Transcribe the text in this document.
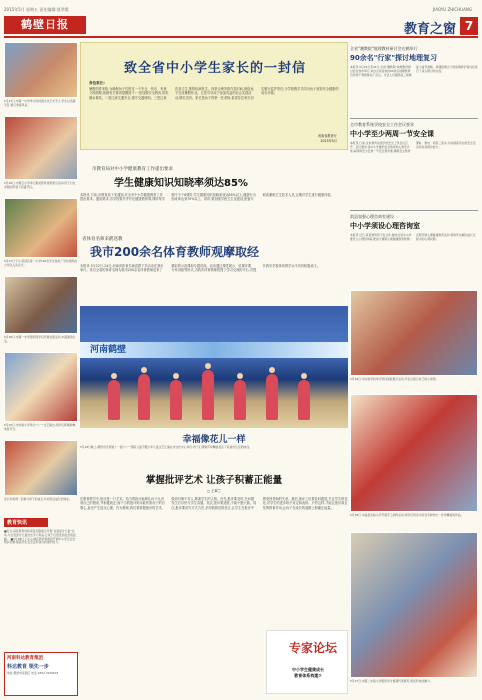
2015年5月 星期五 责任编辑:聂翠霞	JIAOYU ZHICHUANG
鹤壁日报	教育之窗 7
5月27日,市第一中学举行的校园文化艺术节上,学生们表演节目,展示青春风采。
5月26日,市第五小学举行素质教育成果展示活动,孩子们在老师的带领下表演节目。
5月27日下午,淇滨区第一小学100名学生参加了学校组织的少先队入队仪式。
5月26日,市第一中学组织同学们开展社团活动,丰富课余生活。
5月25日,市实验小学举行"六一"文艺演出,同学们载歌载舞,欢度节日。
家长和老师一起参与孩子的成长,共同见证成长的快乐。
教育快讯
■近日,淇县教育局和淇县妇联联合开展"关爱留守儿童"活动,为全县留守儿童送去学习用品,让孩子们感受到社会的温暖。 ■5月28日上午,山城区教育局组织开展中小学生安全知识竞赛,提高学生安全意识和自我保护能力。
河南科达教育集团
科达教育 领先一步
地址:鹤壁市淇滨区 电话:0392-3326633
致全省中小学生家长的一封信
各位家长:
暑假即将来临,为确保孩子们度过一个安全、快乐、有意义的假期,现就有关事项提醒如下:一是加强安全教育,防范溺水事故。二是注意交通安全,遵守交通规则。三是注意饮食卫生,预防疾病发生。四是合理安排作息时间,督促孩子完成暑假作业。五是引导孩子参加有益的社会实践活动,增长见识。家长是孩子的第一任老师,希望各位家长切实履行监护责任,与学校携手共同为孩子营造安全健康的成长环境。
河南省教育厅
2015年5月
市教育局对中小学健康教育工作提出要求
学生健康知识知晓率须达85%
本报讯 日前,市教育局下发通知,对全市中小学健康教育工作提出要求。通知要求,各学校要开齐开足健康教育课,课时每学期不少于6课时,学生健康知识知晓率须达85%以上,健康行为形成率达到70%以上。同时,要加强学校卫生室建设,配备专职或兼职卫生技术人员,定期对学生进行健康体检。
省体育名师来鹤送教
我市200余名体育教师观摩取经
本报讯 5月22日-24日,河南省体育名师送教下乡活动在我市举行。来自全省的体育名师为我市200余名体育教师送来了精彩的示范课和专题讲座。活动通过课堂展示、说课评课、专家讲座等形式,为我市体育教师搭建了学习交流的平台,对提升我市学校体育教学水平具有积极意义。
河南鹤壁
幸福像花儿一样
5月28日晚上,鹤壁市庆祝第十一届"六一"国际儿童节暨少年儿童文艺汇演在市文化中心举行,孩子们用歌声和舞蹈表达了对美好生活的向往。
掌握批评艺术 让孩子积蓄正能量
□ 王翠兰
在教育教学中,批评是一门艺术。恰当的批评能够让孩子认识到自己的错误,并积极改正;而不当的批评则可能伤害孩子的自尊心,甚至产生逆反心理。作为教师,我们要掌握批评的艺术,做到对事不对人,尊重学生的人格。首先,批评要及时,在问题发生后尽快与学生沟通。其次,批评要适度,不能小题大做。再次,批评要讲究方式方法,多用鼓励性的语言,让学生在批评中感受到老师的关爱。最后,批评之后要及时跟进,关注学生的变化,对学生的进步给予肯定和表扬。只有这样,才能让批评真正发挥教育作用,让孩子在成长的道路上积蓄正能量。
专家论坛
中小学生健康成长
教育体系构建⑦
全省"潮教院"地理教材研讨会在鹤举行
90余名"行家"探讨地理复习
本报讯 5月23日至24日,全省"潮教院"地理教材研讨会在我市举行,来自全省各地的90余名地理教研员和骨干教师参加了会议。与会人员围绕高三地理复习备考策略、新课程理念下的地理教学等内容进行了深入研讨和交流。
全市教育系统学校安全工作会议要求
中小学至少两周一节安全课
本报讯 日前,全市教育系统学校安全工作会议召开。会议要求,各中小学要把安全教育纳入教学计划,每两周至少安排一节安全教育课,确保安全教育课时、教材、师资三落实,切实提高学生的安全意识和自我保护能力。
淇县加强心理咨询室建设
中小学须设心理咨询室
本报讯 近日,淇县教育局下发文件,要求全县中小学要设立心理咨询室,配备专兼职心理健康教育教师,定期开展心理健康教育活动,帮助学生解决成长过程中的心理问题。
5月26日,市实验学校举行科技创新展示活动,学生们展示自己的小发明。
5月28日,市浚县实验小学开展手工制作活动,同学们用灵巧的双手制作出一件件精美的作品。
5月27日,市第二实验小学组织学生参观科普展览,感受科技的魅力。
